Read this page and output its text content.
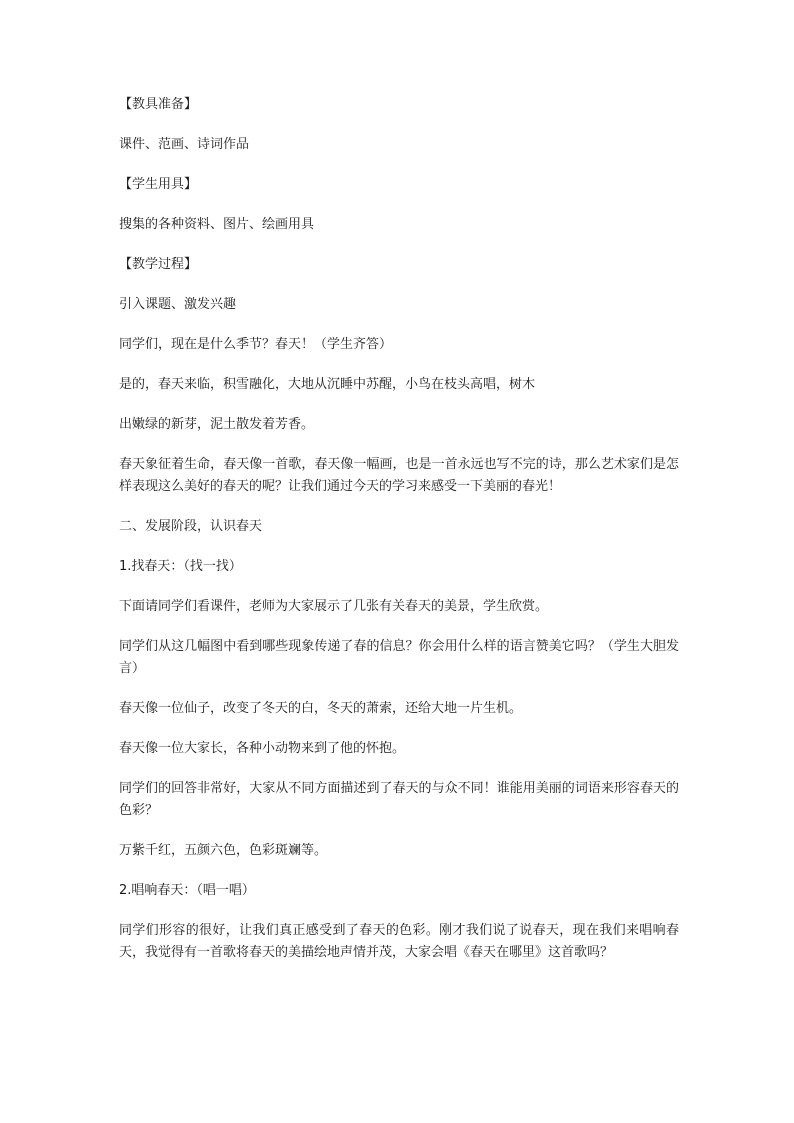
【教具准备】

课件、范画、诗词作品

【学生用具】

搜集的各种资料、图片、绘画用具

【教学过程】

引入课题、激发兴趣

同学们，现在是什么季节？春天！（学生齐答）

是的，春天来临，积雪融化，大地从沉睡中苏醒，小鸟在枝头高唱，树木

出嫩绿的新芽，泥土散发着芳香。

春天象征着生命，春天像一首歌，春天像一幅画，也是一首永远也写不完的诗，那么艺术家们是怎样表现这么美好的春天的呢？让我们通过今天的学习来感受一下美丽的春光！

二、发展阶段，认识春天

1.找春天：（找一找）

下面请同学们看课件，老师为大家展示了几张有关春天的美景，学生欣赏。

同学们从这几幅图中看到哪些现象传递了春的信息？你会用什么样的语言赞美它吗？（学生大胆发言）

春天像一位仙子，改变了冬天的白，冬天的萧索，还给大地一片生机。

春天像一位大家长，各种小动物来到了他的怀抱。

同学们的回答非常好，大家从不同方面描述到了春天的与众不同！谁能用美丽的词语来形容春天的色彩？

万紫千红，五颜六色，色彩斑斓等。

2.唱响春天：（唱一唱）

同学们形容的很好，让我们真正感受到了春天的色彩。刚才我们说了说春天，现在我们来唱响春天，我觉得有一首歌将春天的美描绘地声情并茂，大家会唱《春天在哪里》这首歌吗？
